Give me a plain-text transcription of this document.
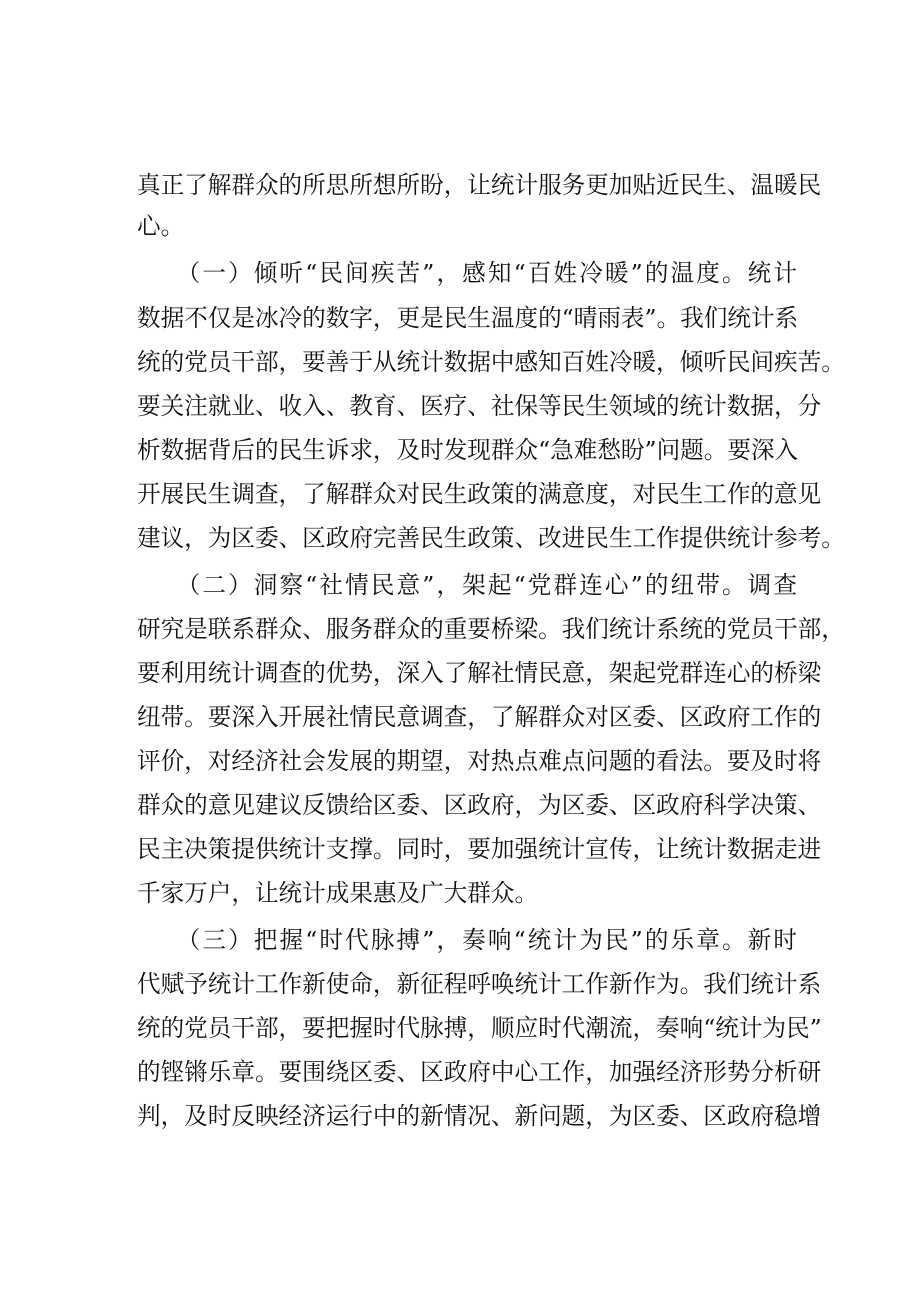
真正了解群众的所思所想所盼，让统计服务更加贴近民生、温暖民
心。
　　（一）倾听“民间疾苦”，感知“百姓冷暖”的温度。统计
数据不仅是冰冷的数字，更是民生温度的“晴雨表”。我们统计系
统的党员干部，要善于从统计数据中感知百姓冷暖，倾听民间疾苦。
要关注就业、收入、教育、医疗、社保等民生领域的统计数据，分
析数据背后的民生诉求，及时发现群众“急难愁盼”问题。要深入
开展民生调查，了解群众对民生政策的满意度，对民生工作的意见
建议，为区委、区政府完善民生政策、改进民生工作提供统计参考。
　　（二）洞察“社情民意”，架起“党群连心”的纽带。调查
研究是联系群众、服务群众的重要桥梁。我们统计系统的党员干部，
要利用统计调查的优势，深入了解社情民意，架起党群连心的桥梁
纽带。要深入开展社情民意调查，了解群众对区委、区政府工作的
评价，对经济社会发展的期望，对热点难点问题的看法。要及时将
群众的意见建议反馈给区委、区政府，为区委、区政府科学决策、
民主决策提供统计支撑。同时，要加强统计宣传，让统计数据走进
千家万户，让统计成果惠及广大群众。
　　（三）把握“时代脉搏”，奏响“统计为民”的乐章。新时
代赋予统计工作新使命，新征程呼唤统计工作新作为。我们统计系
统的党员干部，要把握时代脉搏，顺应时代潮流，奏响“统计为民”
的铿锵乐章。要围绕区委、区政府中心工作，加强经济形势分析研
判，及时反映经济运行中的新情况、新问题，为区委、区政府稳增
